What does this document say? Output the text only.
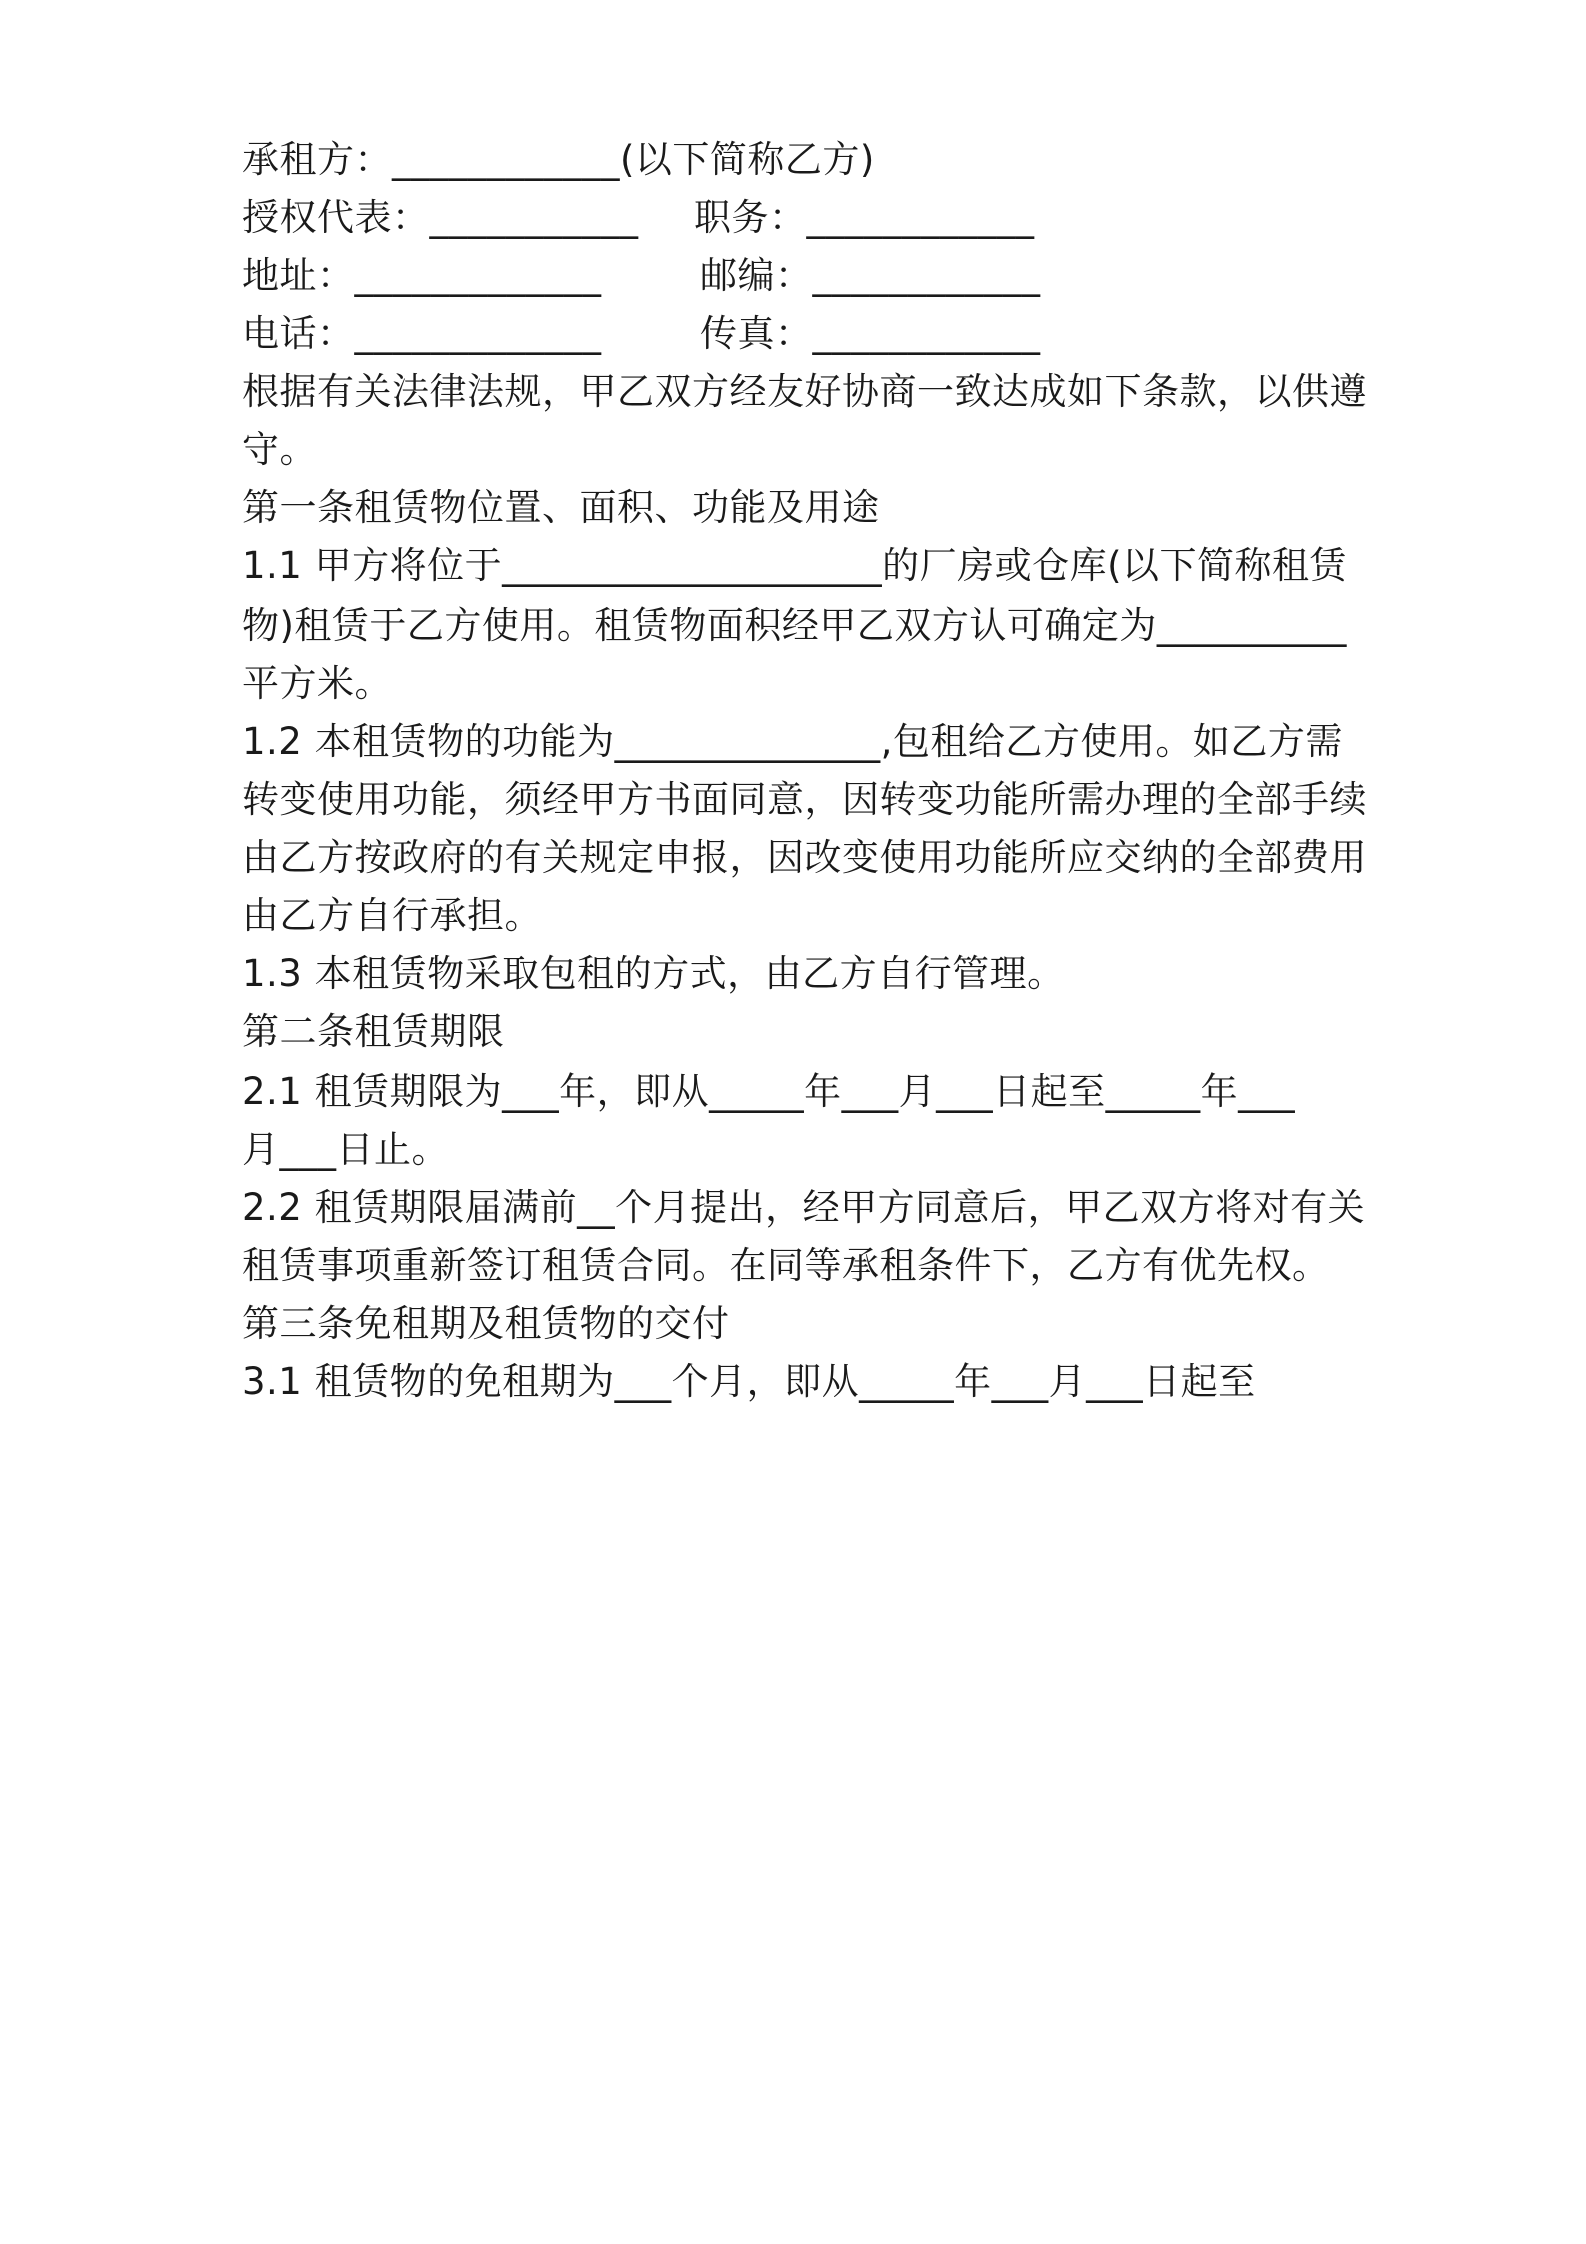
承租方：____________(以下简称乙方)
授权代表：___________ 职务：____________
地址：_____________	邮编：____________
电话：_____________	传真：____________
根据有关法律法规，甲乙双方经友好协商一致达成如下条款，以供遵
守。
第一条租赁物位置、面积、功能及用途
1.1 甲方将位于____________________的厂房或仓库(以下简称租赁
物)租赁于乙方使用。租赁物面积经甲乙双方认可确定为__________
平方米。
1.2 本租赁物的功能为______________,包租给乙方使用。如乙方需
转变使用功能，须经甲方书面同意，因转变功能所需办理的全部手续
由乙方按政府的有关规定申报，因改变使用功能所应交纳的全部费用
由乙方自行承担。
1.3 本租赁物采取包租的方式，由乙方自行管理。
第二条租赁期限
2.1 租赁期限为___年，即从_____年___月___日起至_____年___
月___日止。
2.2 租赁期限届满前__个月提出，经甲方同意后，甲乙双方将对有关
租赁事项重新签订租赁合同。在同等承租条件下，乙方有优先权。
第三条免租期及租赁物的交付
3.1 租赁物的免租期为___个月，即从_____年___月___日起至
